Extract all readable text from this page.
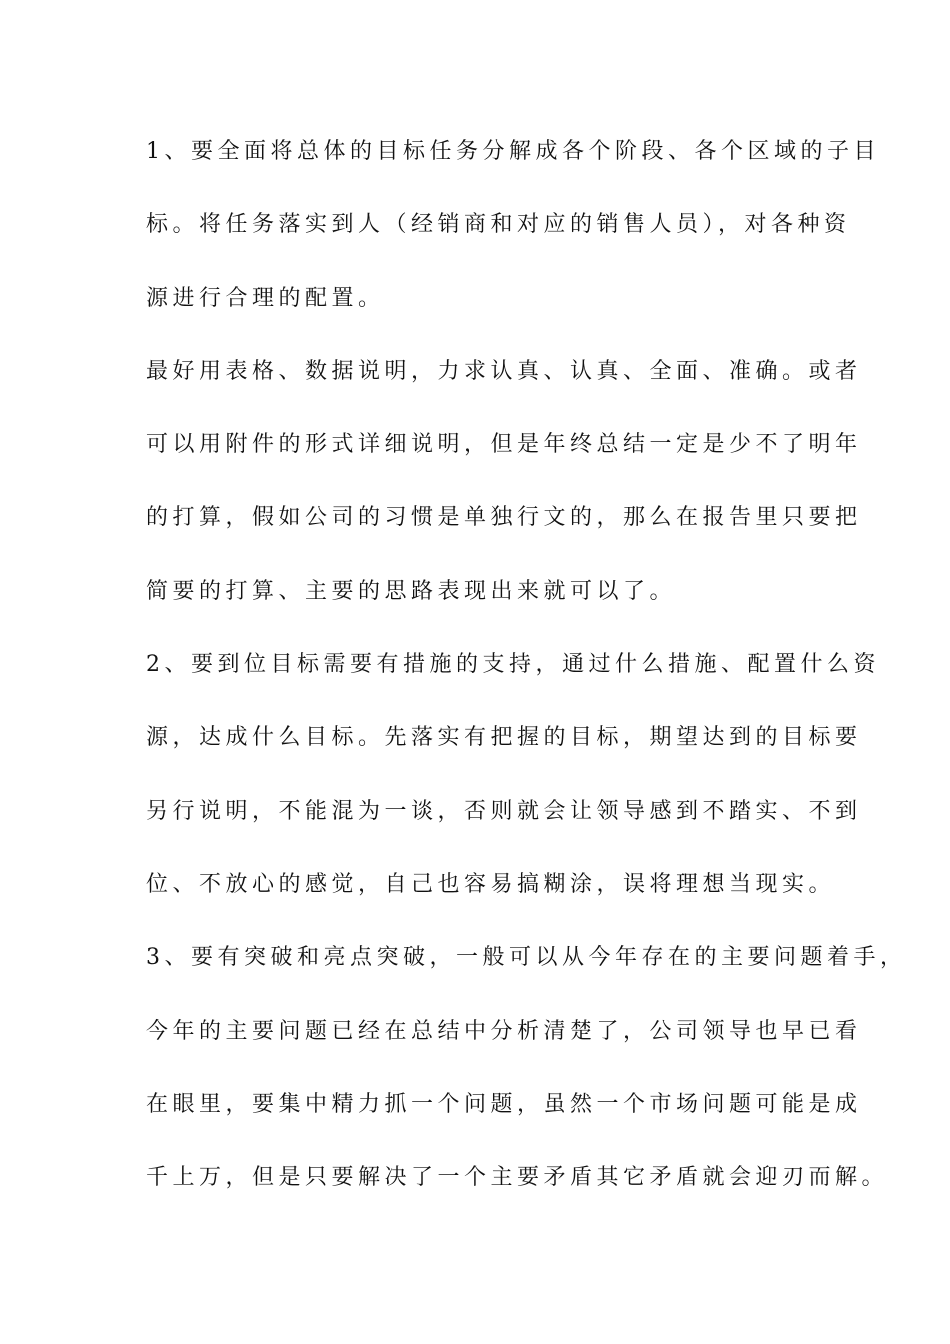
1、要全面将总体的目标任务分解成各个阶段、各个区域的子目
标。将任务落实到人（经销商和对应的销售人员），对各种资
源进行合理的配置。
最好用表格、数据说明，力求认真、认真、全面、准确。或者
可以用附件的形式详细说明，但是年终总结一定是少不了明年
的打算，假如公司的习惯是单独行文的，那么在报告里只要把
简要的打算、主要的思路表现出来就可以了。
2、要到位目标需要有措施的支持，通过什么措施、配置什么资
源，达成什么目标。先落实有把握的目标，期望达到的目标要
另行说明，不能混为一谈，否则就会让领导感到不踏实、不到
位、不放心的感觉，自己也容易搞糊涂，误将理想当现实。
3、要有突破和亮点突破，一般可以从今年存在的主要问题着手，
今年的主要问题已经在总结中分析清楚了，公司领导也早已看
在眼里，要集中精力抓一个问题，虽然一个市场问题可能是成
千上万，但是只要解决了一个主要矛盾其它矛盾就会迎刃而解。
